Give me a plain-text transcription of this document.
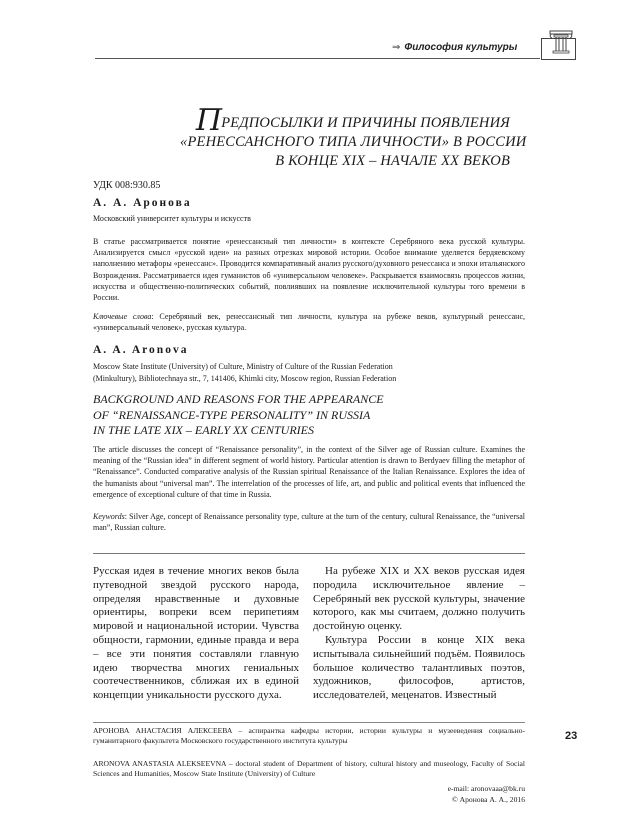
⇒ Философия культуры
ПРЕДПОСЫЛКИ И ПРИЧИНЫ ПОЯВЛЕНИЯ
«РЕНЕССАНСНОГО ТИПА ЛИЧНОСТИ» В РОССИИ
В КОНЦЕ XIX – НАЧАЛЕ XX ВЕКОВ
УДК 008:930.85
А. А. Аронова
Московский университет культуры и искусств
В статье рассматривается понятие «ренессансный тип личности» в контексте Серебряного века русской культуры. Анализируется смысл «русской идеи» на разных отрезках мировой истории. Особое внимание уделяется бердяевскому наполнению метафоры «ренессанс». Проводится компаративный анализ русского/духовного ренессанса и эпохи итальянского Возрождения. Рассматривается идея гуманистов об «универсальном человеке». Раскрывается взаимосвязь процессов жизни, искусства и общественно-политических событий, повлиявших на появление исключительной культуры того времени в России.
Ключевые слова: Серебряный век, ренессансный тип личности, культура на рубеже веков, культурный ренессанс, «универсальный человек», русская культура.
A. A. Aronova
Moscow State Institute (University) of Culture, Ministry of Culture of the Russian Federation
(Minkultury), Bibliotechnaya str., 7, 141406, Khimki city, Moscow region, Russian Federation
BACKGROUND AND REASONS FOR THE APPEARANCE
OF “RENAISSANCE-TYPE PERSONALITY” IN RUSSIA
IN THE LATE XIX – EARLY XX CENTURIES
The article discusses the concept of “Renaissance personality”, in the context of the Silver age of Russian culture. Examines the meaning of the “Russian idea” in different segment of world history. Particular attention is drawn to Berdyaev filling the metaphor of “Renaissance”. Conducted comparative analysis of the Russian spiritual Renaissance of the Italian Renaissance. Explores the idea of the humanists about “universal man”. The interrelation of the processes of life, art, and public and political events that influenced the emergence of exceptional culture of that time in Russia.
Keywords: Silver Age, concept of Renaissance personality type, culture at the turn of the century, cultural Renaissance, the “universal man”, Russian culture.
Русская идея в течение многих веков была путеводной звездой русского народа, определяя нравственные и духовные ориентиры, вопреки всем перипетиям мировой и национальной истории. Чувства общности, гармонии, единые правда и вера – все эти понятия составляли главную идею творчества многих гениальных соотечественников, сближая их в единой концепции уникальности русского духа.
На рубеже XIX и XX веков русская идея породила исключительное явление – Серебряный век русской культуры, значение которого, как мы считаем, должно получить достойную оценку.
Культура России в конце XIX века испытывала сильнейший подъём. Появилось большое количество талантливых поэтов, художников, философов, артистов, исследователей, меценатов. Известный
АРОНОВА АНАСТАСИЯ АЛЕКСЕЕВА – аспирантка кафедры истории, истории культуры и музееведения социально-гуманитарного факультета Московского государственного института культуры
ARONOVA ANASTASIA ALEKSEEVNA – doctoral student of Department of history, cultural history and museology, Faculty of Social Sciences and Humanities, Moscow State Institute (University) of Culture
e-mail: aronovaaa@bk.ru
© Аронова А. А., 2016
23
